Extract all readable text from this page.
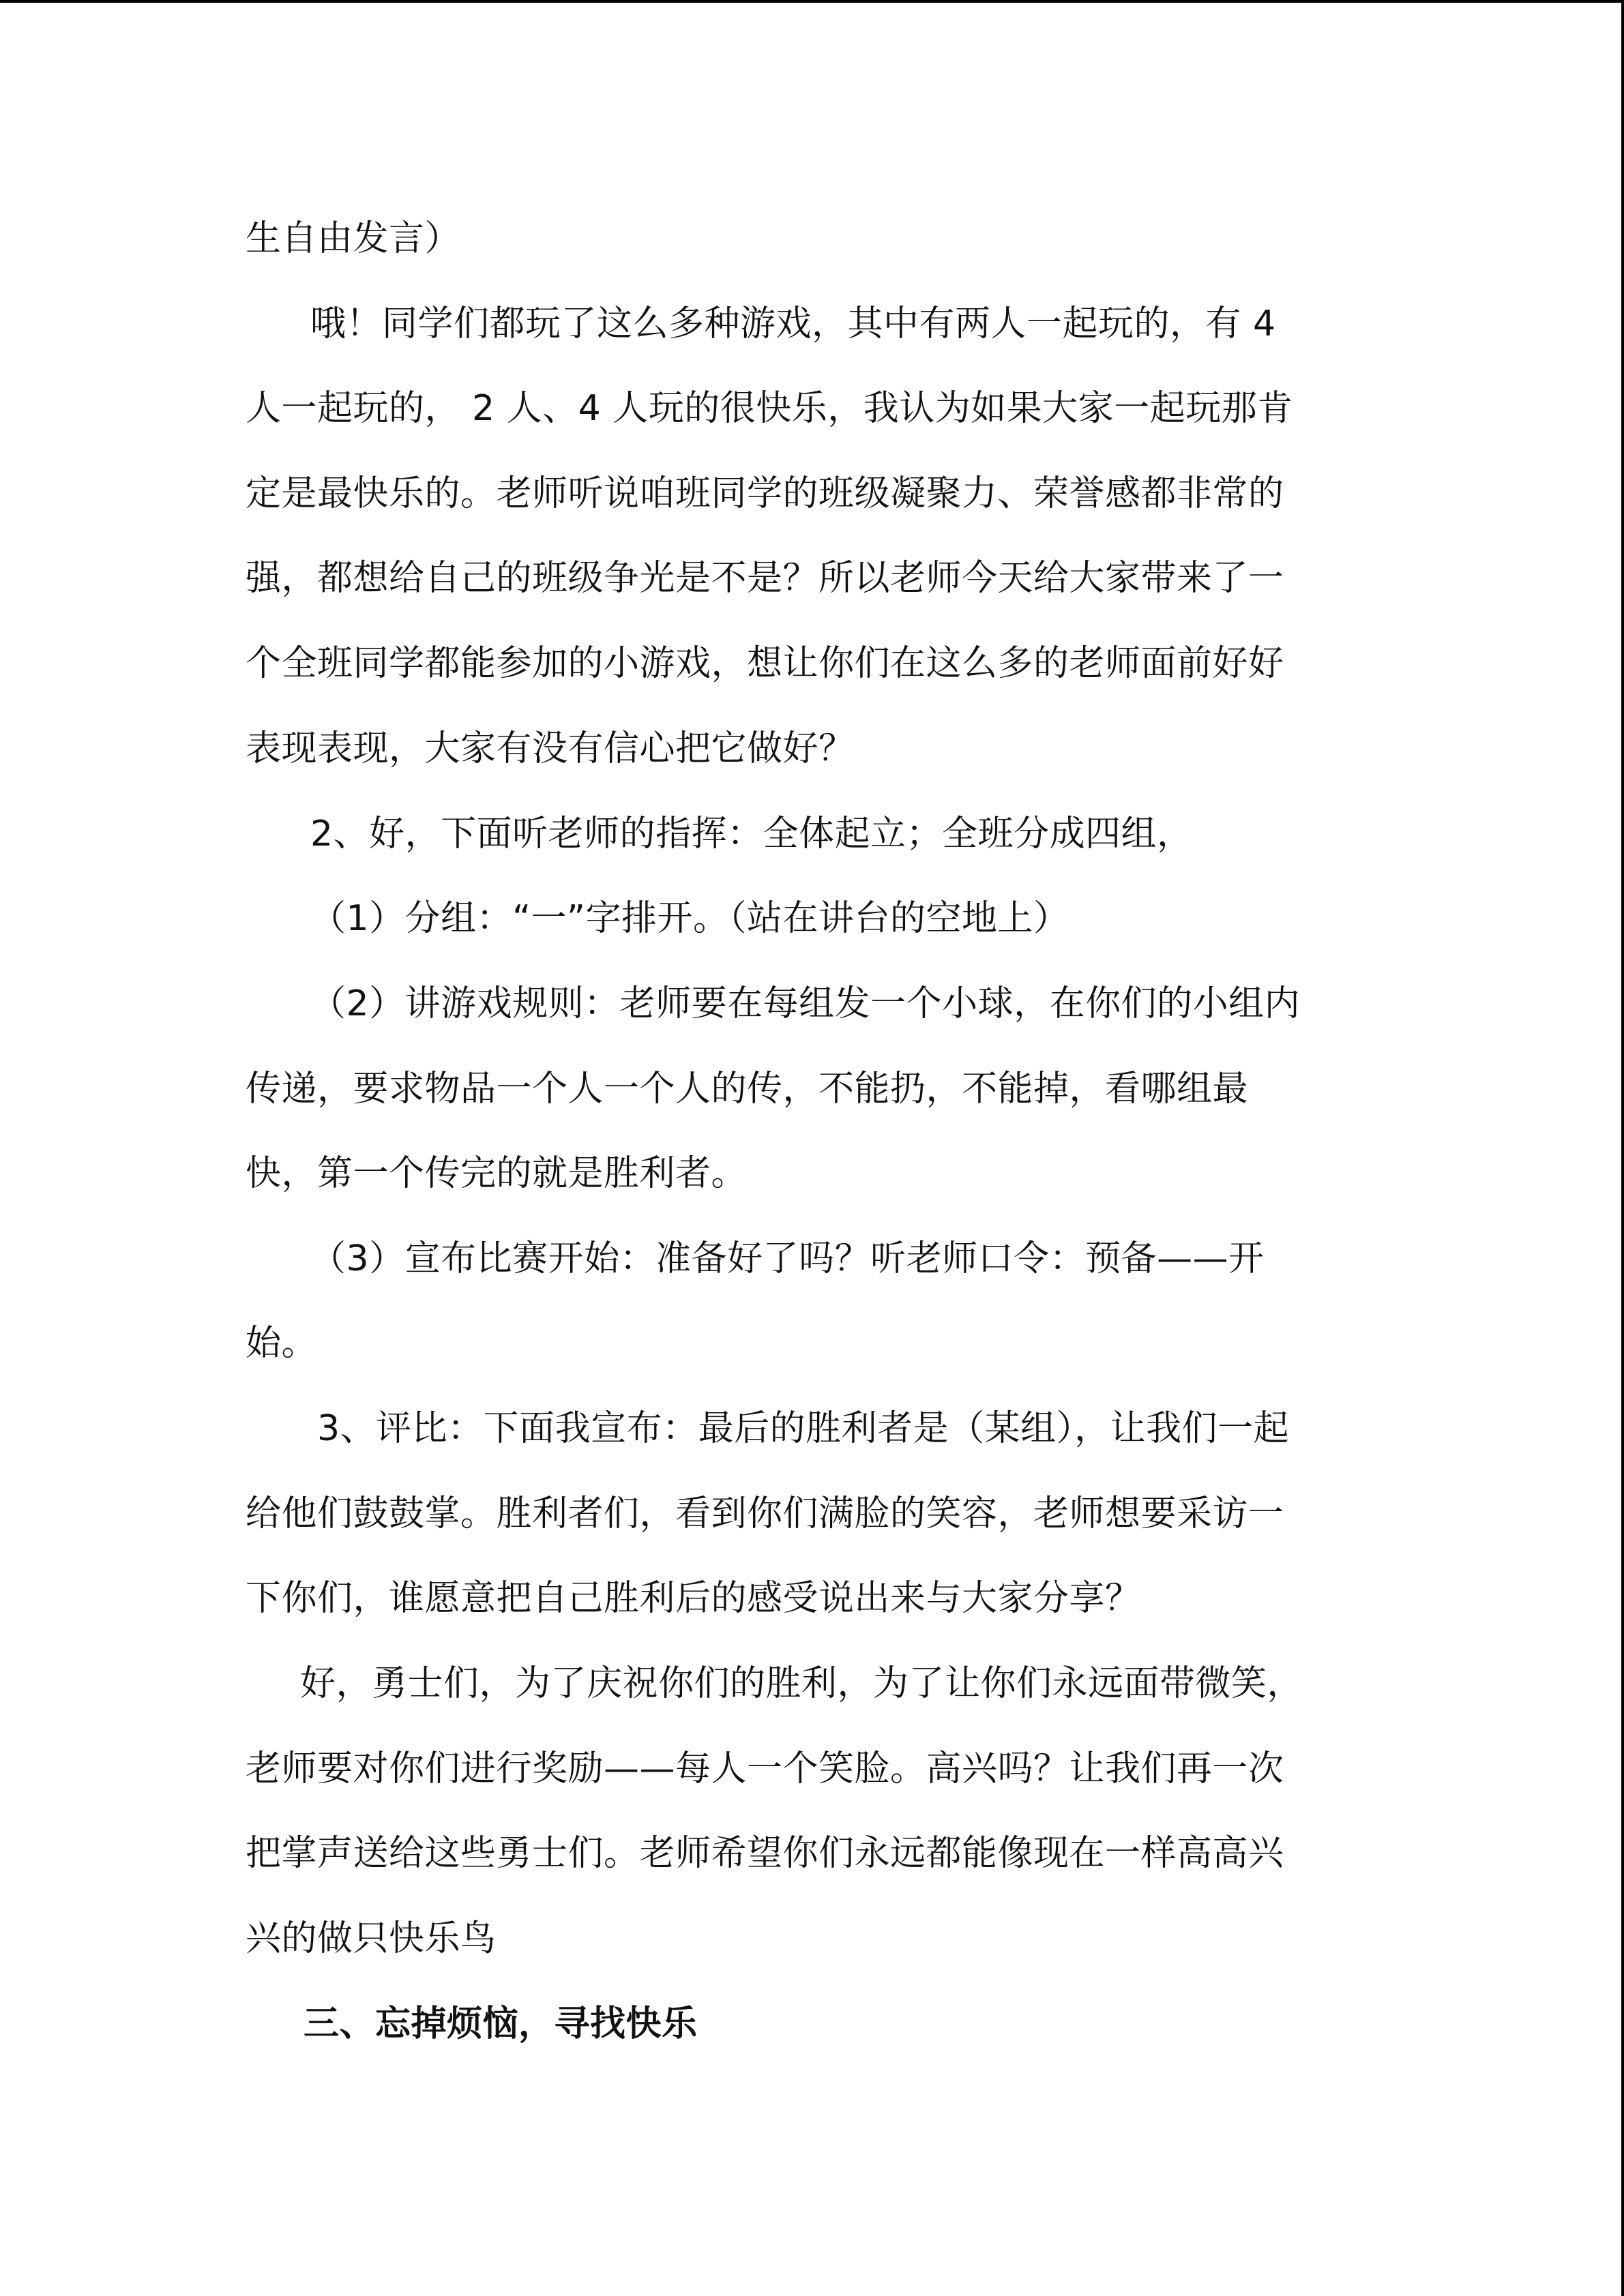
生自由发言）
哦！同学们都玩了这么多种游戏，其中有两人一起玩的，有 4
人一起玩的， 2 人、4 人玩的很快乐，我认为如果大家一起玩那肯
定是最快乐的。老师听说咱班同学的班级凝聚力、荣誉感都非常的
强，都想给自己的班级争光是不是？所以老师今天给大家带来了一
个全班同学都能参加的小游戏，想让你们在这么多的老师面前好好
表现表现，大家有没有信心把它做好？
2、好，下面听老师的指挥：全体起立；全班分成四组，
（1）分组：“一”字排开。（站在讲台的空地上）
（2）讲游戏规则：老师要在每组发一个小球，在你们的小组内
传递，要求物品一个人一个人的传，不能扔，不能掉，看哪组最
快，第一个传完的就是胜利者。
（3）宣布比赛开始：准备好了吗？听老师口令：预备——开
始。
3、评比：下面我宣布：最后的胜利者是（某组），让我们一起
给他们鼓鼓掌。胜利者们，看到你们满脸的笑容，老师想要采访一
下你们，谁愿意把自己胜利后的感受说出来与大家分享？
好，勇士们，为了庆祝你们的胜利，为了让你们永远面带微笑，
老师要对你们进行奖励——每人一个笑脸。高兴吗？让我们再一次
把掌声送给这些勇士们。老师希望你们永远都能像现在一样高高兴
兴的做只快乐鸟
三、忘掉烦恼，寻找快乐
